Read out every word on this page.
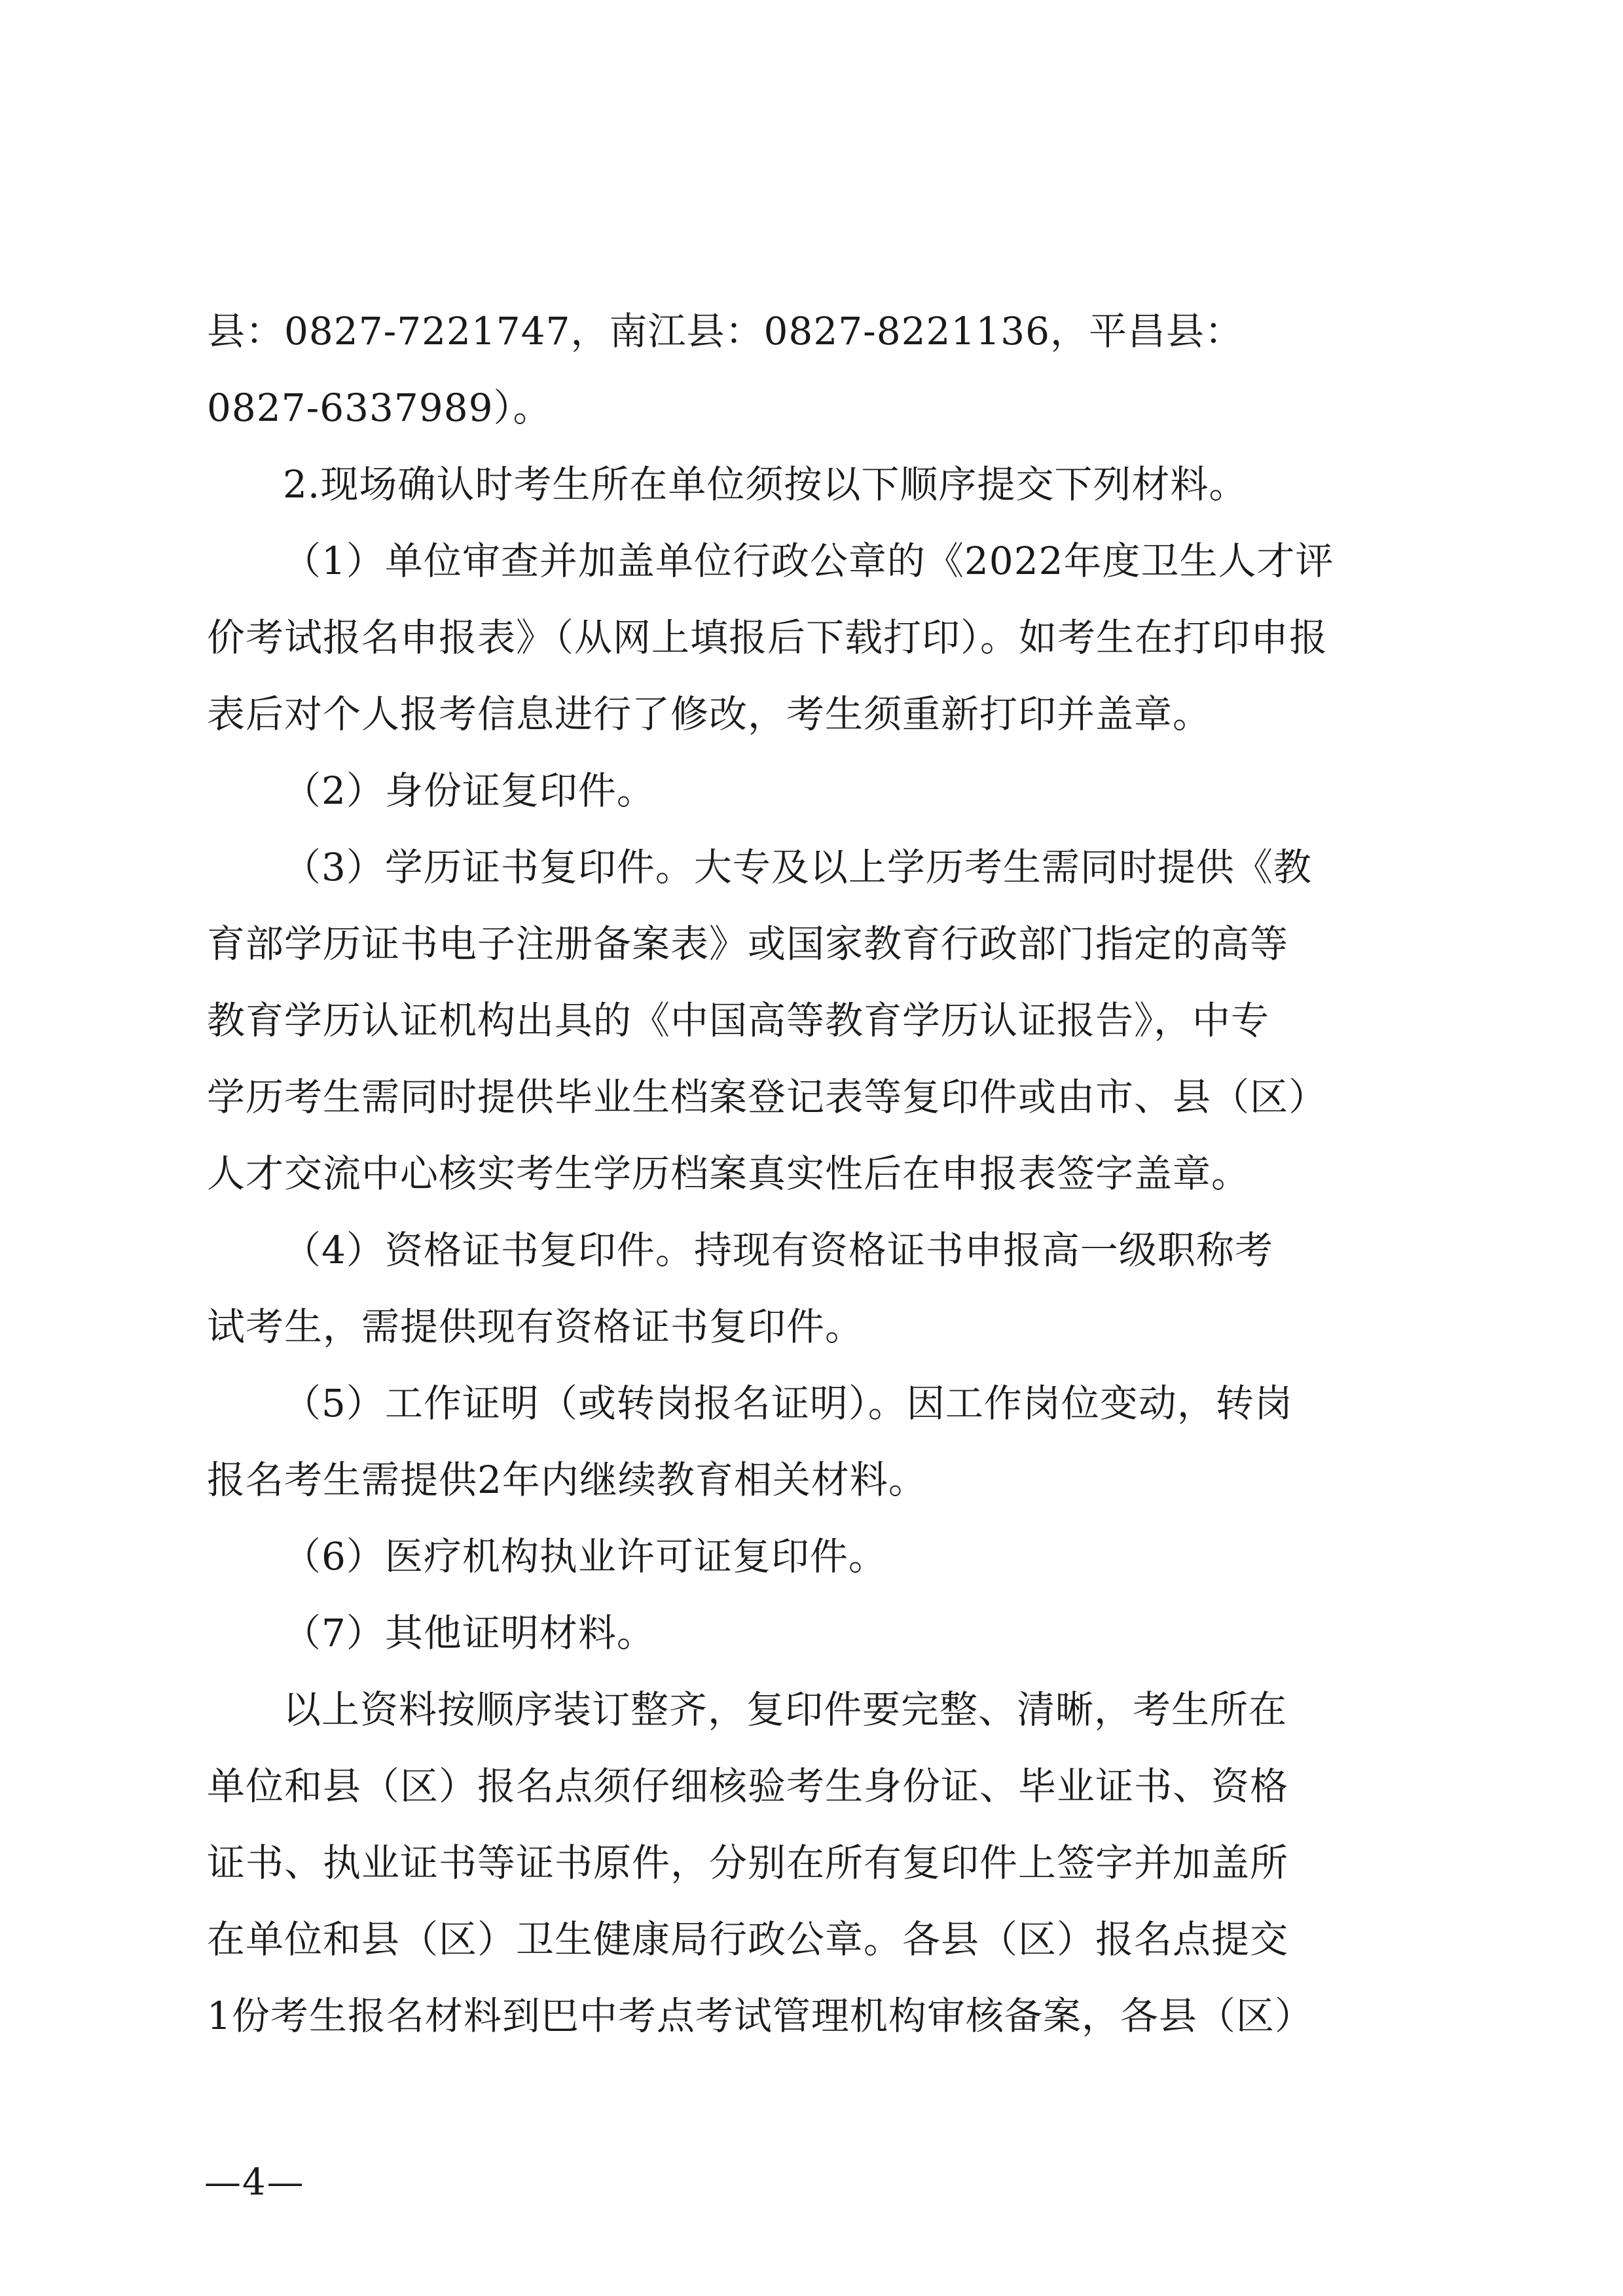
县：0827-7221747，南江县：0827-8221136，平昌县：
0827-6337989）。
2.现场确认时考生所在单位须按以下顺序提交下列材料。
（1）单位审查并加盖单位行政公章的《2022年度卫生人才评
价考试报名申报表》（从网上填报后下载打印）。如考生在打印申报
表后对个人报考信息进行了修改，考生须重新打印并盖章。
（2）身份证复印件。
（3）学历证书复印件。大专及以上学历考生需同时提供《教
育部学历证书电子注册备案表》或国家教育行政部门指定的高等
教育学历认证机构出具的《中国高等教育学历认证报告》，中专
学历考生需同时提供毕业生档案登记表等复印件或由市、县（区）
人才交流中心核实考生学历档案真实性后在申报表签字盖章。
（4）资格证书复印件。持现有资格证书申报高一级职称考
试考生，需提供现有资格证书复印件。
（5）工作证明（或转岗报名证明）。因工作岗位变动，转岗
报名考生需提供2年内继续教育相关材料。
（6）医疗机构执业许可证复印件。
（7）其他证明材料。
以上资料按顺序装订整齐，复印件要完整、清晰，考生所在
单位和县（区）报名点须仔细核验考生身份证、毕业证书、资格
证书、执业证书等证书原件，分别在所有复印件上签字并加盖所
在单位和县（区）卫生健康局行政公章。各县（区）报名点提交
1份考生报名材料到巴中考点考试管理机构审核备案，各县（区）
—4—
